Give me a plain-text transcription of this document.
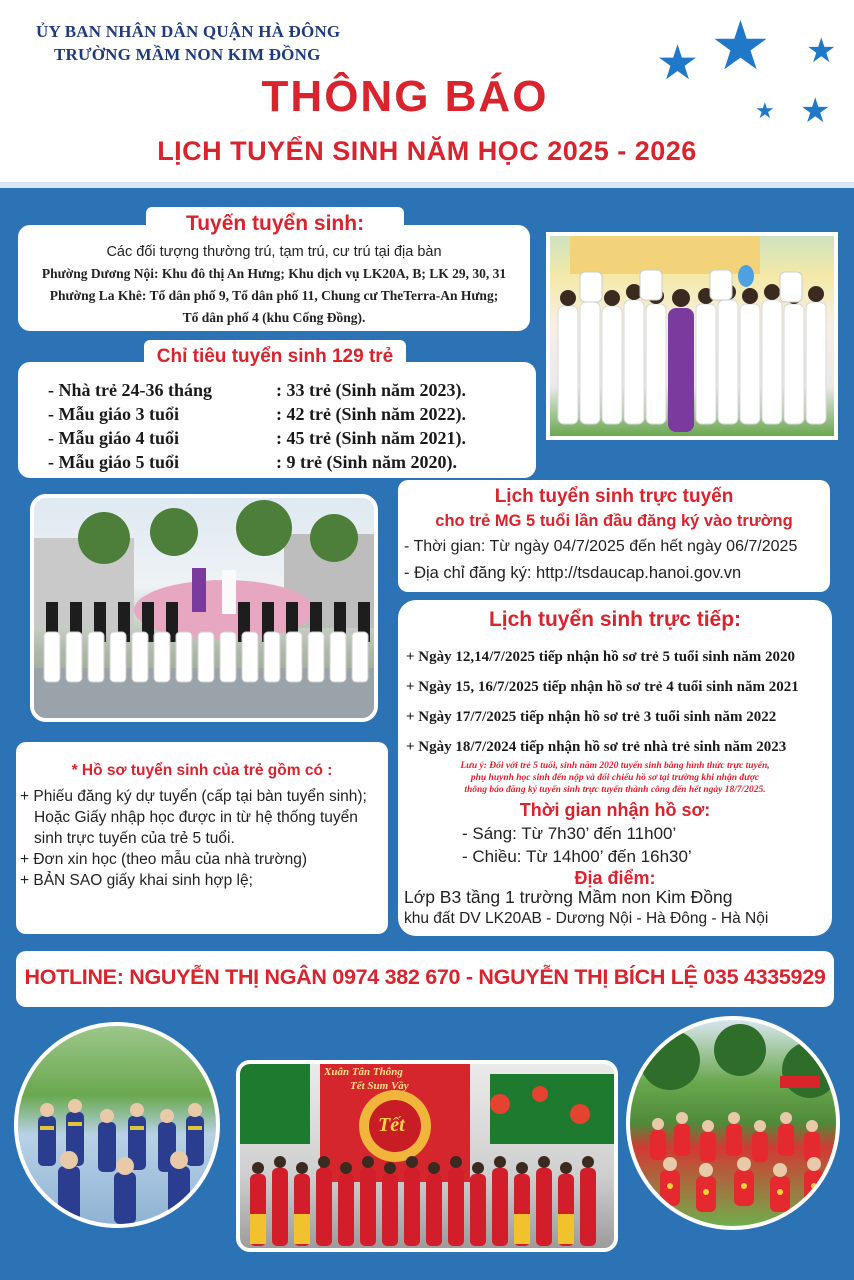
ỦY BAN NHÂN DÂN QUẬN HÀ ĐÔNG
TRƯỜNG MẦM NON KIM ĐỒNG
THÔNG BÁO
LỊCH TUYỂN SINH NĂM HỌC 2025 - 2026
★ ★ ★
★ ★
Các đối tượng thường trú, tạm trú, cư trú tại địa bàn
Phường Dương Nội: Khu đô thị An Hưng; Khu dịch vụ LK20A, B; LK 29, 30, 31
Phường La Khê: Tổ dân phố 9, Tổ dân phố 11, Chung cư TheTerra-An Hưng;
Tổ dân phố 4 (khu Cống Đồng).
Tuyến tuyển sinh:
- Nhà trẻ 24-36 tháng	: 33 trẻ (Sinh năm 2023).
- Mẫu giáo 3 tuổi	: 42 trẻ (Sinh năm 2022).
- Mẫu giáo 4 tuổi	: 45 trẻ (Sinh năm 2021).
- Mẫu giáo 5 tuổi	: 9 trẻ (Sinh năm 2020).
Chỉ tiêu tuyển sinh 129 trẻ
Lịch tuyển sinh trực tuyến
cho trẻ MG 5 tuổi lần đầu đăng ký vào trường
- Thời gian: Từ ngày 04/7/2025 đến hết ngày 06/7/2025
- Địa chỉ đăng ký: http://tsdaucap.hanoi.gov.vn
Lịch tuyển sinh trực tiếp:
+ Ngày 12,14/7/2025 tiếp nhận hồ sơ trẻ 5 tuổi sinh năm 2020
+ Ngày 15, 16/7/2025 tiếp nhận hồ sơ trẻ 4 tuổi sinh năm 2021
+ Ngày 17/7/2025 tiếp nhận hồ sơ trẻ 3 tuổi sinh năm 2022
+ Ngày 18/7/2024 tiếp nhận hồ sơ trẻ nhà trẻ sinh năm 2023
Lưu ý: Đối với trẻ 5 tuổi, sinh năm 2020 tuyển sinh bằng hình thức trực tuyến,
phụ huynh học sinh đến nộp và đối chiếu hồ sơ tại trường khi nhận được
thông báo đăng ký tuyển sinh trực tuyến thành công đến hết ngày 18/7/2025.
Thời gian nhận hồ sơ:
- Sáng: Từ 7h30’ đến 11h00’
- Chiều: Từ 14h00’ đến 16h30’
Địa điểm:
Lớp B3 tầng 1 trường Mầm non Kim Đồng
khu đất DV LK20AB - Dương Nội - Hà Đông - Hà Nội
* Hồ sơ tuyển sinh của trẻ gồm có :
+ Phiếu đăng ký dự tuyển (cấp tại bàn tuyển sinh);
Hoặc Giấy nhập học được in từ hệ thống tuyển
sinh trực tuyến của trẻ 5 tuổi.
+ Đơn xin học (theo mẫu của nhà trường)
+ BẢN SAO giấy khai sinh hợp lệ;
HOTLINE: NGUYỄN THỊ NGÂN 0974 382 670 - NGUYỄN THỊ BÍCH LỆ 035 4335929
Xuân Tân Thông
Tết Sum Vầy
Tết
